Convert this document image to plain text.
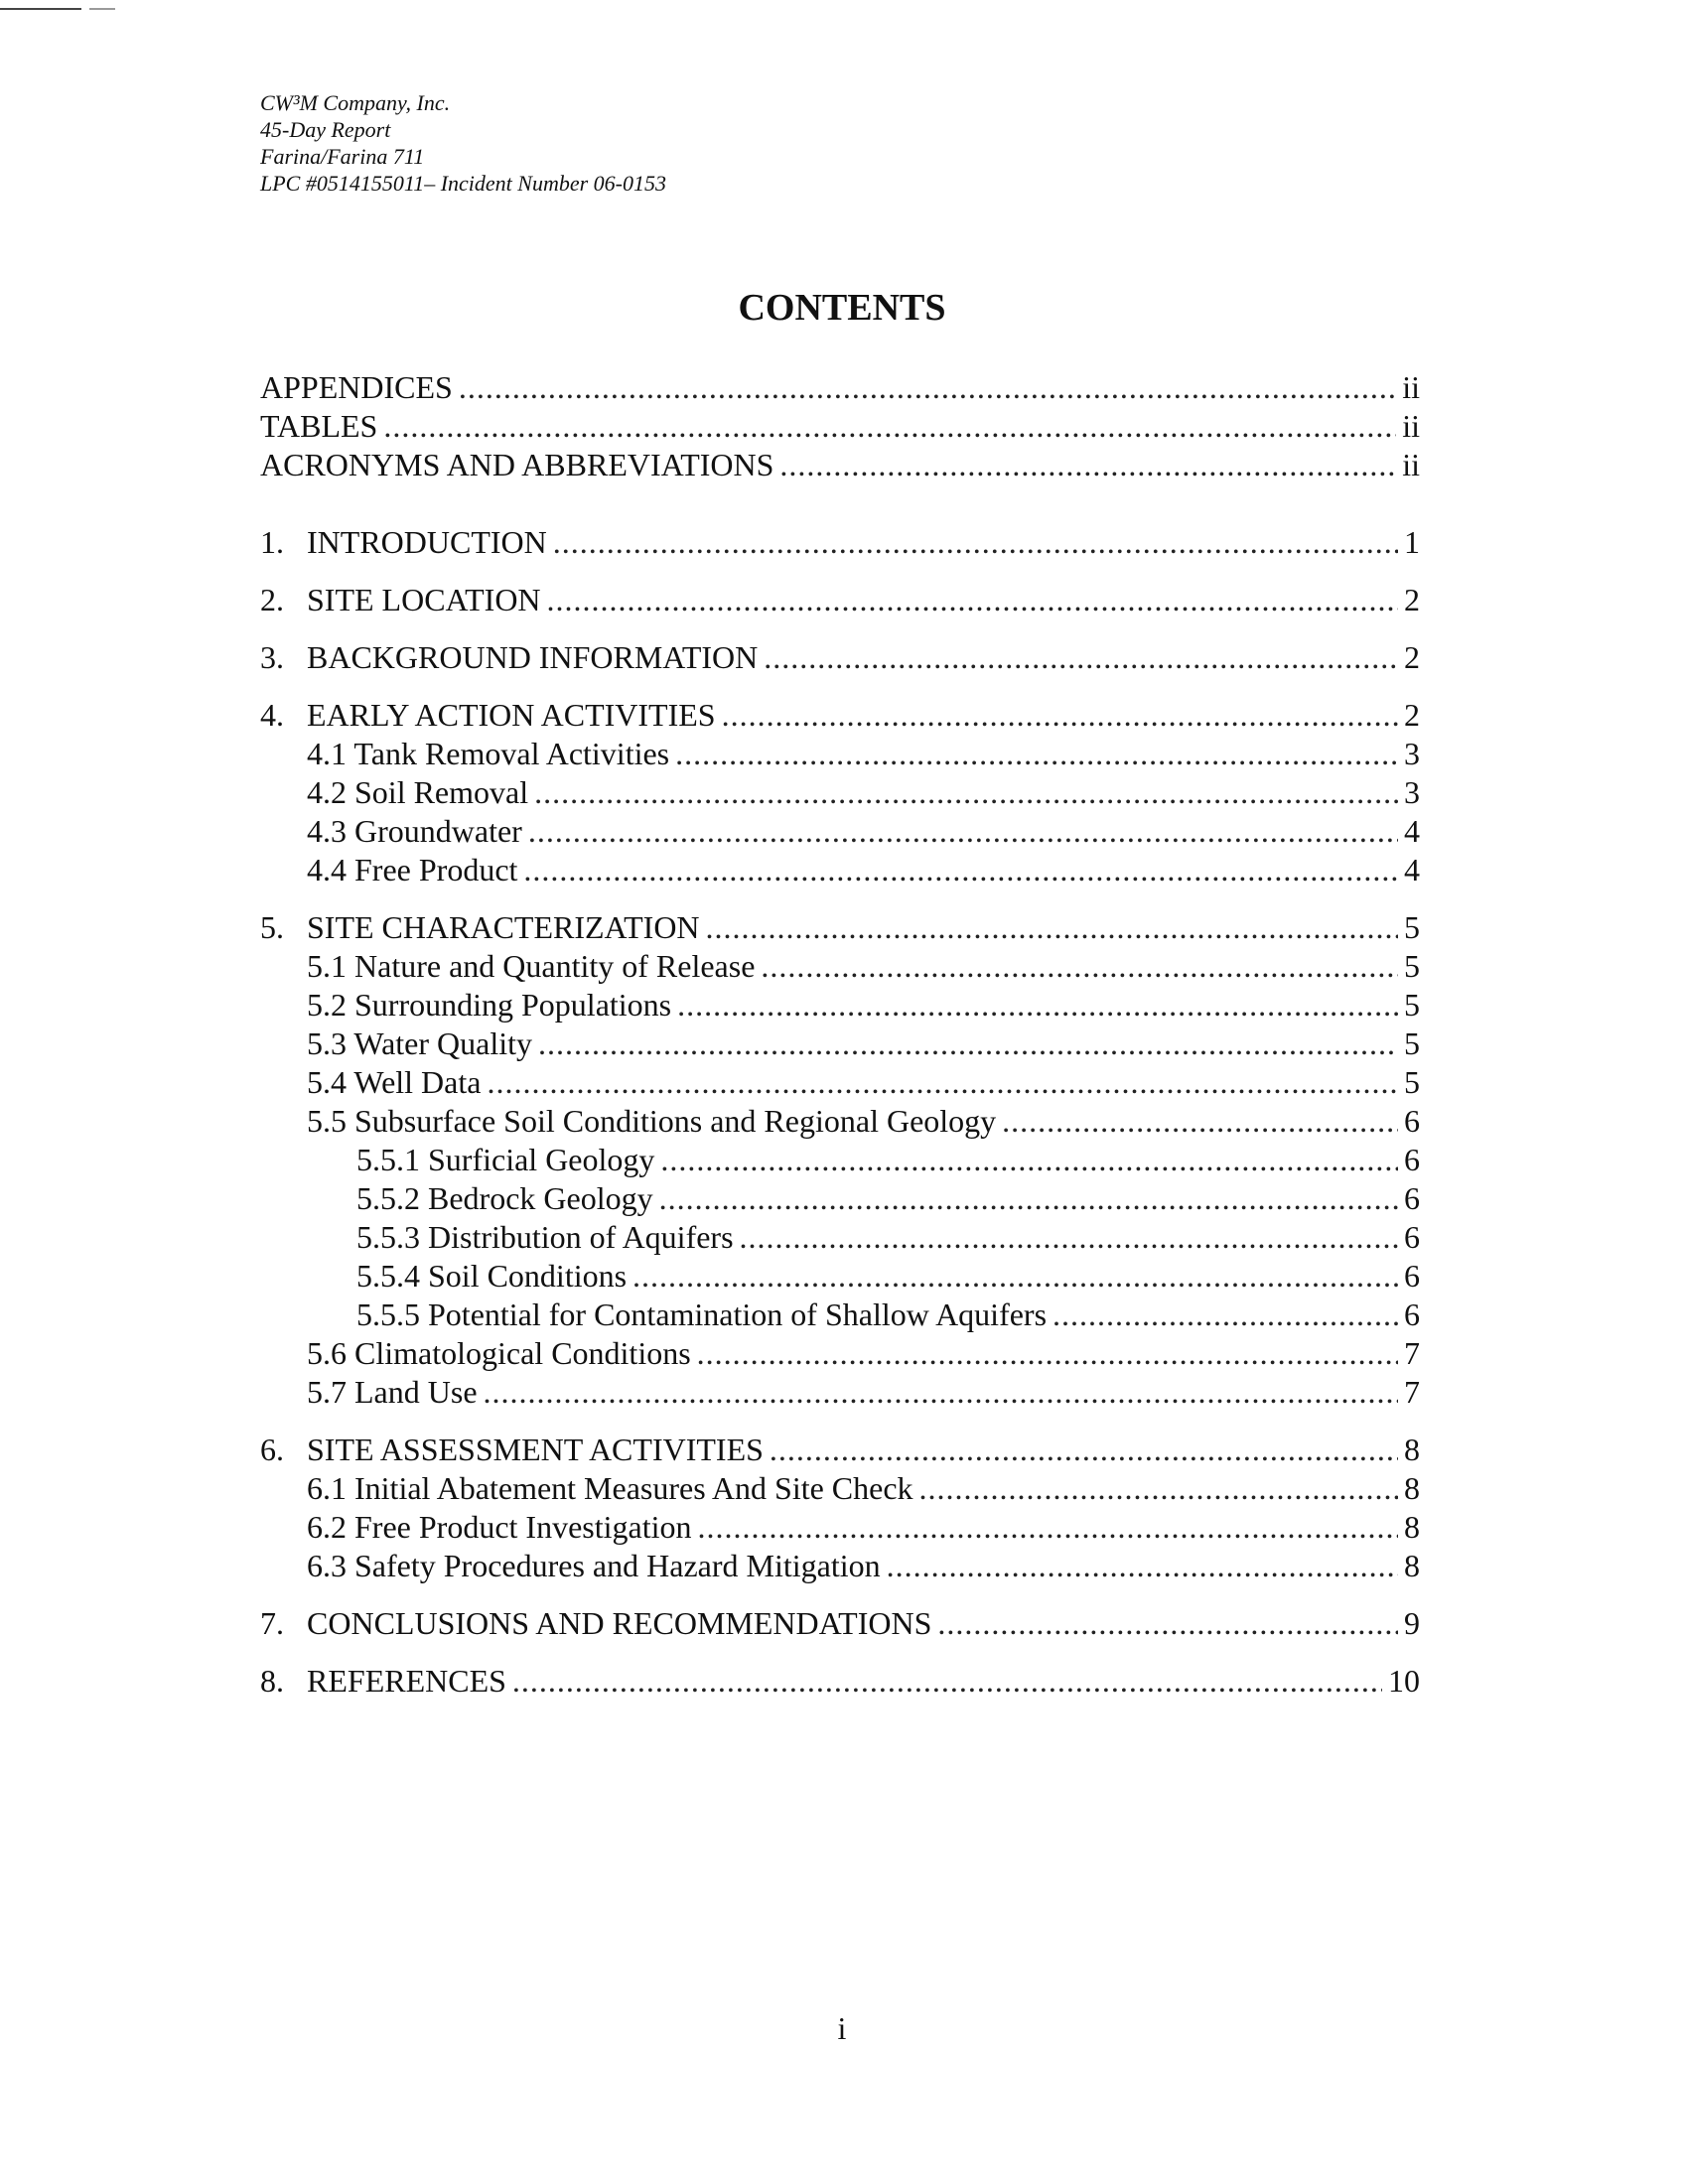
CW³M Company, Inc.
45-Day Report
Farina/Farina 711
LPC #0514155011– Incident Number 06-0153
CONTENTS
APPENDICES .....	ii
TABLES .....	ii
ACRONYMS AND ABBREVIATIONS .....	ii
1. INTRODUCTION .....	1
2. SITE LOCATION .....	2
3. BACKGROUND INFORMATION .....	2
4. EARLY ACTION ACTIVITIES .....	2
4.1 Tank Removal Activities .....	3
4.2 Soil Removal .....	3
4.3 Groundwater .....	4
4.4 Free Product .....	4
5. SITE CHARACTERIZATION .....	5
5.1 Nature and Quantity of Release .....	5
5.2 Surrounding Populations .....	5
5.3 Water Quality .....	5
5.4 Well Data .....	5
5.5 Subsurface Soil Conditions and Regional Geology .....	6
5.5.1 Surficial Geology .....	6
5.5.2 Bedrock Geology .....	6
5.5.3 Distribution of Aquifers .....	6
5.5.4 Soil Conditions .....	6
5.5.5 Potential for Contamination of Shallow Aquifers .....	6
5.6 Climatological Conditions .....	7
5.7 Land Use .....	7
6. SITE ASSESSMENT ACTIVITIES .....	8
6.1 Initial Abatement Measures And Site Check .....	8
6.2 Free Product Investigation .....	8
6.3 Safety Procedures and Hazard Mitigation .....	8
7. CONCLUSIONS AND RECOMMENDATIONS .....	9
8. REFERENCES .....	10
i
